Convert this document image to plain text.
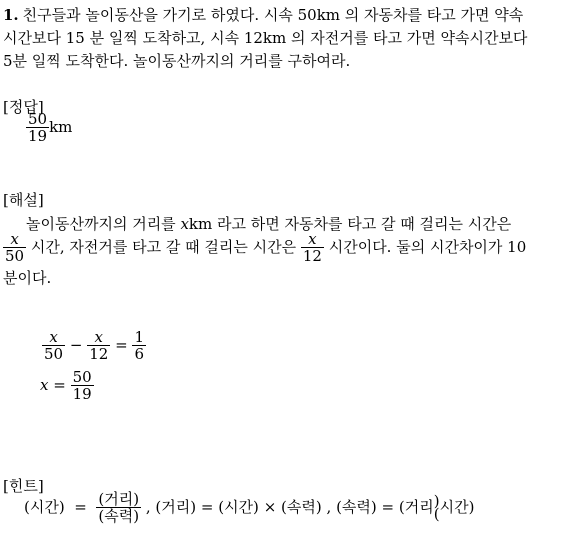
1. 친구들과 놀이동산을 가기로 하였다. 시속 50km 의 자동차를 타고 가면 약속
시간보다 15 분 일찍 도착하고, 시속 12km 의 자전거를 타고 가면 약속시간보다
5분 일찍 도착한다. 놀이동산까지의 거리를 구하여라.
[정답]
$\frac{50}{19}$ km
[해설]
놀이동산까지의 거리를 xkm 라고 하면 자동차를 타고 갈 때 걸리는 시간은
$\frac{x}{50}$ 시간, 자전거를 타고 갈 때 걸리는 시간은 $\frac{x}{12}$ 시간이다. 둘의 시간차이가 10
분이다.
$\frac{x}{50} - \frac{x}{12} = \frac{1}{6}$
$x = \frac{50}{19}$
[힌트]
(시간) = $\frac{\text{(거리)}}{\text{(속력)}}$ , (거리) = (시간) × (속력) , (속력) = (거리 )
( 시간)
